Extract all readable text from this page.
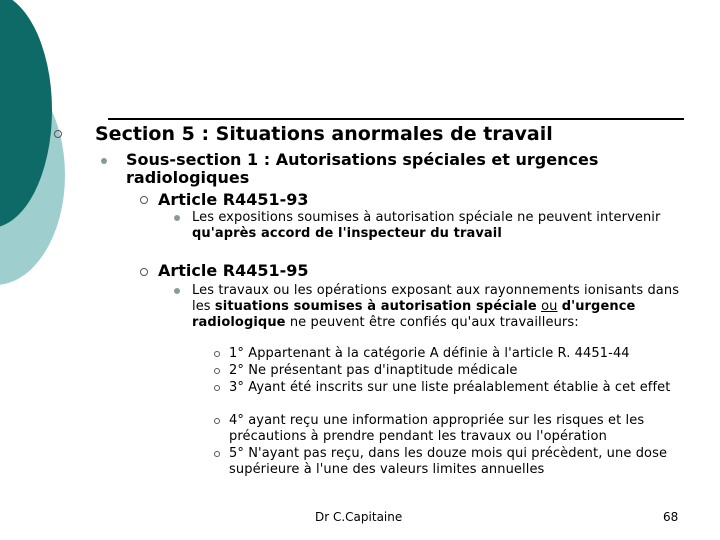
Section 5 : Situations anormales de travail
Sous-section 1 : Autorisations spéciales et urgences radiologiques
Article R4451-93
Les expositions soumises à autorisation spéciale ne peuvent intervenir qu'après accord de l'inspecteur du travail
Article R4451-95
Les travaux ou les opérations exposant aux rayonnements ionisants dans les situations soumises à autorisation spéciale ou d'urgence radiologique ne peuvent être confiés qu'aux travailleurs:
1° Appartenant à la catégorie A définie à l'article R. 4451-44
2° Ne présentant pas d'inaptitude médicale
3° Ayant été inscrits sur une liste préalablement établie à cet effet
4° ayant reçu une information appropriée sur les risques et les précautions à prendre pendant les travaux ou l'opération
5° N'ayant pas reçu, dans les douze mois qui précèdent, une dose supérieure à l'une des valeurs limites annuelles
Dr C.Capitaine	68
